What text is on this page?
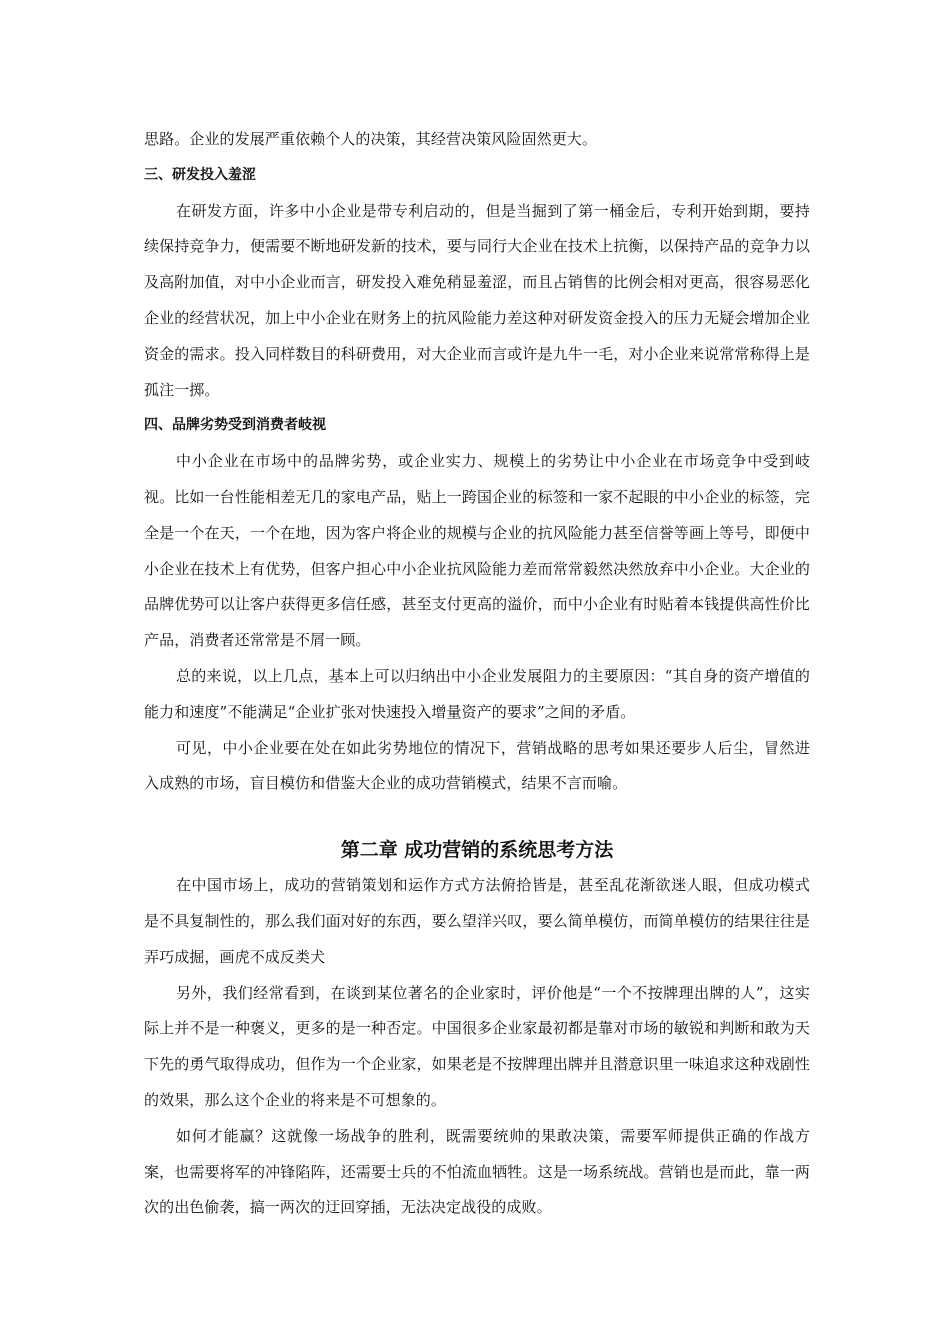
思路。企业的发展严重依赖个人的决策，其经营决策风险固然更大。

三、研发投入羞涩

在研发方面，许多中小企业是带专利启动的，但是当掘到了第一桶金后，专利开始到期，要持续保持竞争力，便需要不断地研发新的技术，要与同行大企业在技术上抗衡，以保持产品的竞争力以及高附加值，对中小企业而言，研发投入难免稍显羞涩，而且占销售的比例会相对更高，很容易恶化企业的经营状况，加上中小企业在财务上的抗风险能力差这种对研发资金投入的压力无疑会增加企业资金的需求。投入同样数目的科研费用，对大企业而言或许是九牛一毛，对小企业来说常常称得上是孤注一掷。

四、品牌劣势受到消费者岐视

中小企业在市场中的品牌劣势，或企业实力、规模上的劣势让中小企业在市场竞争中受到岐视。比如一台性能相差无几的家电产品，贴上一跨国企业的标签和一家不起眼的中小企业的标签，完全是一个在天，一个在地，因为客户将企业的规模与企业的抗风险能力甚至信誉等画上等号，即便中小企业在技术上有优势，但客户担心中小企业抗风险能力差而常常毅然决然放弃中小企业。大企业的品牌优势可以让客户获得更多信任感，甚至支付更高的溢价，而中小企业有时贴着本钱提供高性价比产品，消费者还常常是不屑一顾。

总的来说，以上几点，基本上可以归纳出中小企业发展阻力的主要原因：“其自身的资产增值的能力和速度”不能满足“企业扩张对快速投入增量资产的要求”之间的矛盾。

可见，中小企业要在处在如此劣势地位的情况下，营销战略的思考如果还要步人后尘，冒然进入成熟的市场，盲目模仿和借鉴大企业的成功营销模式，结果不言而喻。

第二章 成功营销的系统思考方法

在中国市场上，成功的营销策划和运作方式方法俯拾皆是，甚至乱花渐欲迷人眼，但成功模式是不具复制性的，那么我们面对好的东西，要么望洋兴叹，要么简单模仿，而简单模仿的结果往往是弄巧成掘，画虎不成反类犬

另外，我们经常看到，在谈到某位著名的企业家时，评价他是“一个不按牌理出牌的人”，这实际上并不是一种褒义，更多的是一种否定。中国很多企业家最初都是靠对市场的敏锐和判断和敢为天下先的勇气取得成功，但作为一个企业家，如果老是不按牌理出牌并且潜意识里一味追求这种戏剧性的效果，那么这个企业的将来是不可想象的。

如何才能赢？这就像一场战争的胜利，既需要统帅的果敢决策，需要军师提供正确的作战方案，也需要将军的冲锋陷阵，还需要士兵的不怕流血牺牲。这是一场系统战。营销也是而此，靠一两次的出色偷袭，搞一两次的迂回穿插，无法决定战役的成败。
